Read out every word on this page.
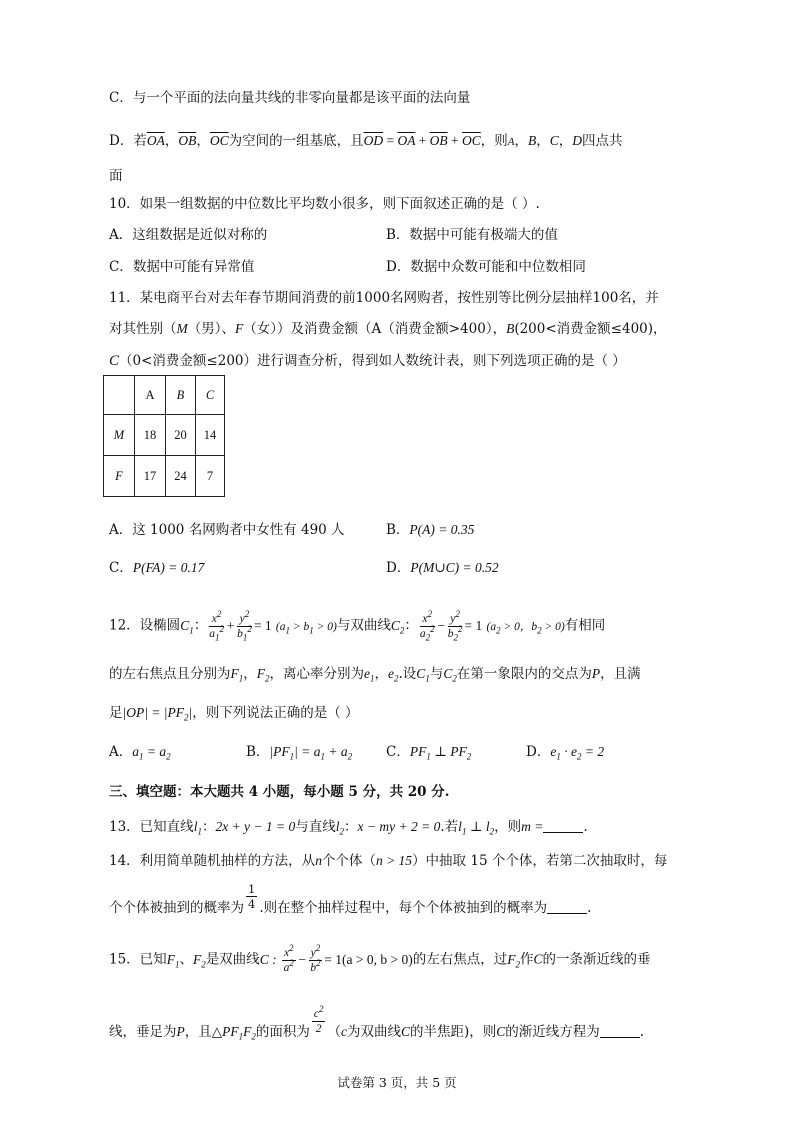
C．与一个平面的法向量共线的非零向量都是该平面的法向量
D．若$\overline{OA}$，$\overline{OB}$，$\overline{OC}$为空间的一组基底，且$\overline{OD} = \overline{OA} + \overline{OB} + \overline{OC}$，则A，B，C，D四点共
面
10．如果一组数据的中位数比平均数小很多，则下面叙述正确的是（ ）.
A．这组数据是近似对称的	B．数据中可能有极端大的值
C．数据中可能有异常值	D．数据中众数可能和中位数相同
11．某电商平台对去年春节期间消费的前1000名网购者，按性别等比例分层抽样100名，并
对其性别（M（男）、F（女））及消费金额（A（消费金额>400），B(200<消费金额≤400)，
C（0<消费金额≤200）进行调查分析，得到如人数统计表，则下列选项正确的是（ ）
	A	B	C
M	18	20	14
F	17	24	7
A．这 1000 名网购者中女性有 490 人	B．P(A) = 0.35
C．P(FA) = 0.17	D．P(M∪C) = 0.52
12．设椭圆$C_1$： $\frac{x^2}{a_1^2} + \frac{y^2}{b_1^2} = 1$ $(a_1 > b_1 > 0)$与双曲线$C_2$： $\frac{x^2}{a_2^2} - \frac{y^2}{b_2^2} = 1$ ($a_2 > 0$，$b_2 > 0$)有相同
的左右焦点且分别为$F_1$，$F_2$，离心率分别为$e_1$，$e_2$.设$C_1$与$C_2$在第一象限内的交点为P，且满
足$|OP| = |PF_2|$，则下列说法正确的是（ ）
A．$a_1 = a_2$	B．$|PF_1| = a_1 + a_2$	C．$PF_1$ ⊥ $PF_2$	D．$e_1 \cdot e_2 = 2$
三、填空题：本大题共 4 小题，每小题 5 分，共 20 分.
13．已知直线$l_1$：2x + y − 1 = 0与直线$l_2$：x − my + 2 = 0.若$l_1$ ⊥ $l_2$，则m =	.
14．利用简单随机抽样的方法，从n个个体（n > 15）中抽取 15 个个体，若第二次抽取时，每
个个体被抽到的概率为 $\frac{1}{4}$ .则在整个抽样过程中，每个个体被抽到的概率为	.
15．已知$F_1$、$F_2$是双曲线C : $\frac{x^2}{a^2} - \frac{y^2}{b^2} = 1(a > 0$, b > 0)的左右焦点，过$F_2$作C的一条渐近线的垂
线，垂足为P，且$\triangle PF_1F_2$的面积为 $\frac{c^2}{2} (c$为双曲线C的半焦距)，则C的渐近线方程为	.
试卷第 3 页，共 5 页
